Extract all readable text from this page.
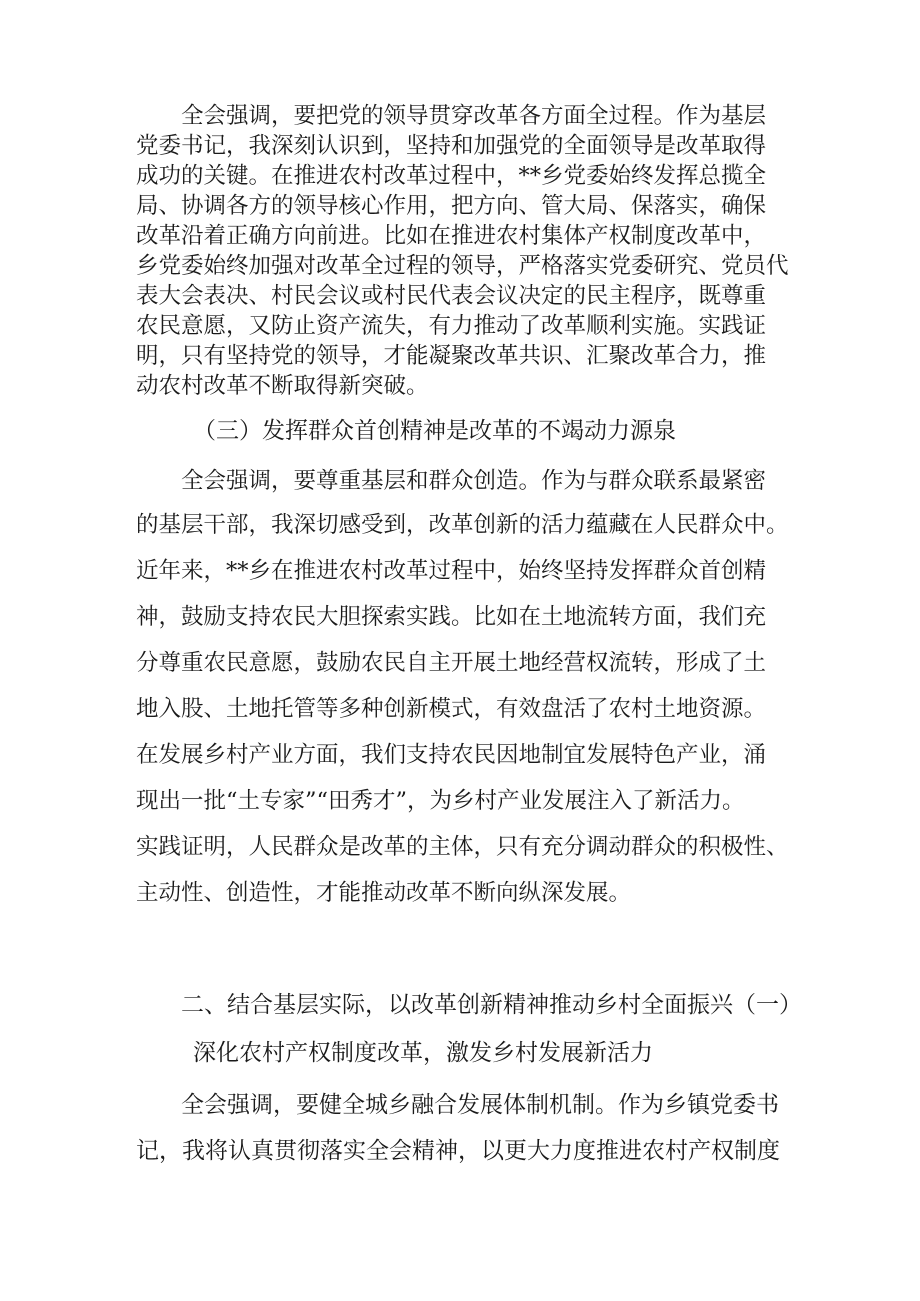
全会强调，要把党的领导贯穿改革各方面全过程。作为基层
党委书记，我深刻认识到，坚持和加强党的全面领导是改革取得
成功的关键。在推进农村改革过程中，**乡党委始终发挥总揽全
局、协调各方的领导核心作用，把方向、管大局、保落实，确保
改革沿着正确方向前进。比如在推进农村集体产权制度改革中，
乡党委始终加强对改革全过程的领导，严格落实党委研究、党员代
表大会表决、村民会议或村民代表会议决定的民主程序，既尊重
农民意愿，又防止资产流失，有力推动了改革顺利实施。实践证
明，只有坚持党的领导，才能凝聚改革共识、汇聚改革合力，推
动农村改革不断取得新突破。
（三）发挥群众首创精神是改革的不竭动力源泉
全会强调，要尊重基层和群众创造。作为与群众联系最紧密
的基层干部，我深切感受到，改革创新的活力蕴藏在人民群众中。
近年来，**乡在推进农村改革过程中，始终坚持发挥群众首创精
神，鼓励支持农民大胆探索实践。比如在土地流转方面，我们充
分尊重农民意愿，鼓励农民自主开展土地经营权流转，形成了土
地入股、土地托管等多种创新模式，有效盘活了农村土地资源。
在发展乡村产业方面，我们支持农民因地制宜发展特色产业，涌
现出一批“土专家”“田秀才”，为乡村产业发展注入了新活力。
实践证明，人民群众是改革的主体，只有充分调动群众的积极性、
主动性、创造性，才能推动改革不断向纵深发展。
二、结合基层实际，以改革创新精神推动乡村全面振兴（一）
深化农村产权制度改革，激发乡村发展新活力
全会强调，要健全城乡融合发展体制机制。作为乡镇党委书
记，我将认真贯彻落实全会精神，以更大力度推进农村产权制度
